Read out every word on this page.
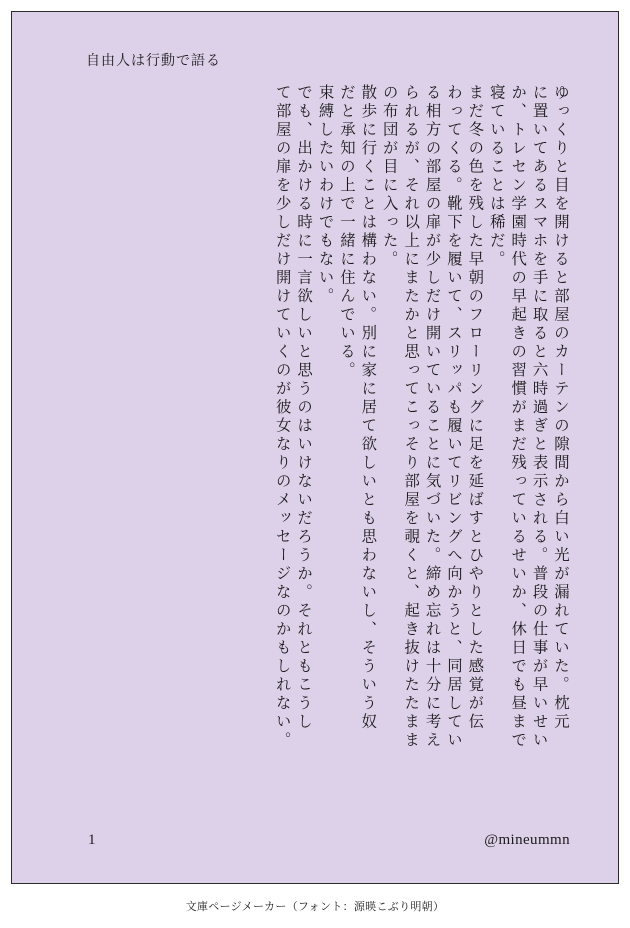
自由人は行動で語る
ゆっくりと目を開けると部屋のカーテンの隙間から白い光が漏れていた。枕元
に置いてあるスマホを手に取ると六時過ぎと表示される。普段の仕事が早いせい
か、トレセン学園時代の早起きの習慣がまだ残っているせいか、休日でも昼まで
寝ていることは稀だ。
まだ冬の色を残した早朝のフローリングに足を延ばすとひやりとした感覚が伝
わってくる。靴下を履いて、スリッパも履いてリビングへ向かうと、同居してい
る相方の部屋の扉が少しだけ開いていることに気づいた。締め忘れは十分に考え
られるが、それ以上にまたかと思ってこっそり部屋を覗くと、起き抜けたたまま
の布団が目に入った。
散歩に行くことは構わない。別に家に居て欲しいとも思わないし、そういう奴
だと承知の上で一緒に住んでいる。
束縛したいわけでもない。
でも、出かける時に一言欲しいと思うのはいけないだろうか。それともこうし
て部屋の扉を少しだけ開けていくのが彼女なりのメッセージなのかもしれない。
1	@mineummn
文庫ページメーカー（フォント：源暎こぶり明朝）
